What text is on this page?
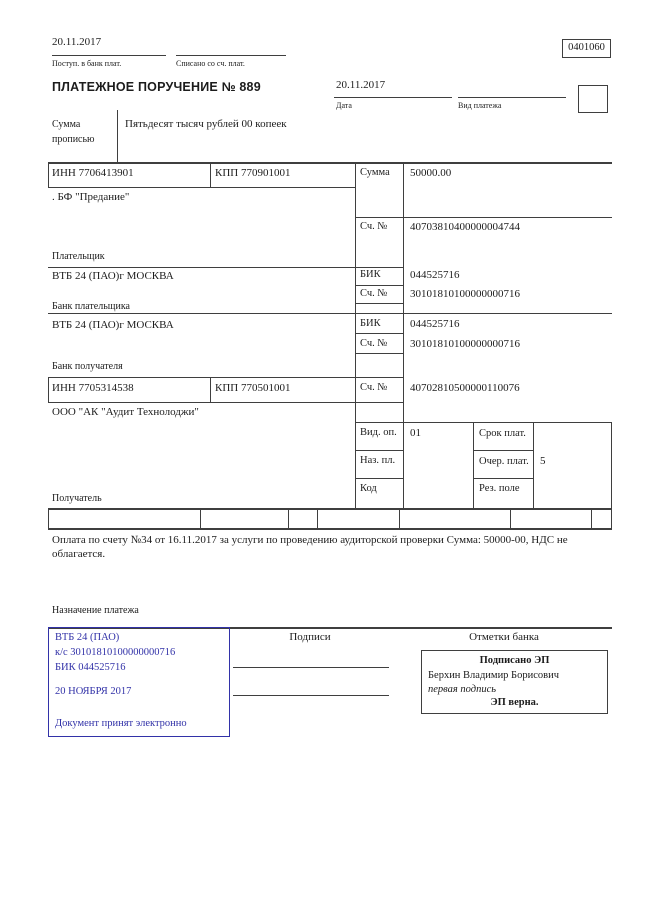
20.11.2017
Поступ. в банк плат.	Списано со сч. плат.
0401060
ПЛАТЕЖНОЕ ПОРУЧЕНИЕ № 889	20.11.2017
Дата	Вид платежа
Сумма
прописью
Пятьдесят тысяч рублей 00 копеек
ИНН 7706413901	КПП 770901001	Сумма 50000.00
. БФ "Предание"
Сч. № 40703810400000004744
Плательщик
ВТБ 24 (ПАО)г МОСКВА	БИК	044525716
Сч. № 30101810100000000716
Банк плательщика
ВТБ 24 (ПАО)г МОСКВА	БИК	044525716
Сч. № 30101810100000000716
Банк получателя
ИНН 7705314538	КПП 770501001	Сч. № 40702810500000110076
ООО "АК "Аудит Технолоджи"
Вид. оп. 01	Срок плат.
Наз. пл.	Очер. плат. 5
Код	Рез. поле
Получатель
Оплата по счету №34 от 16.11.2017 за услуги по проведению аудиторской проверки Сумма: 50000-00, НДС не облагается.
Назначение платежа
ВТБ 24 (ПАО)
к/с 30101810100000000716
БИК 044525716
20 НОЯБРЯ 2017
Документ принят электронно
Подписи	Отметки банка
Подписано ЭП
Берхин Владимир Борисович
первая подпись
ЭП верна.
